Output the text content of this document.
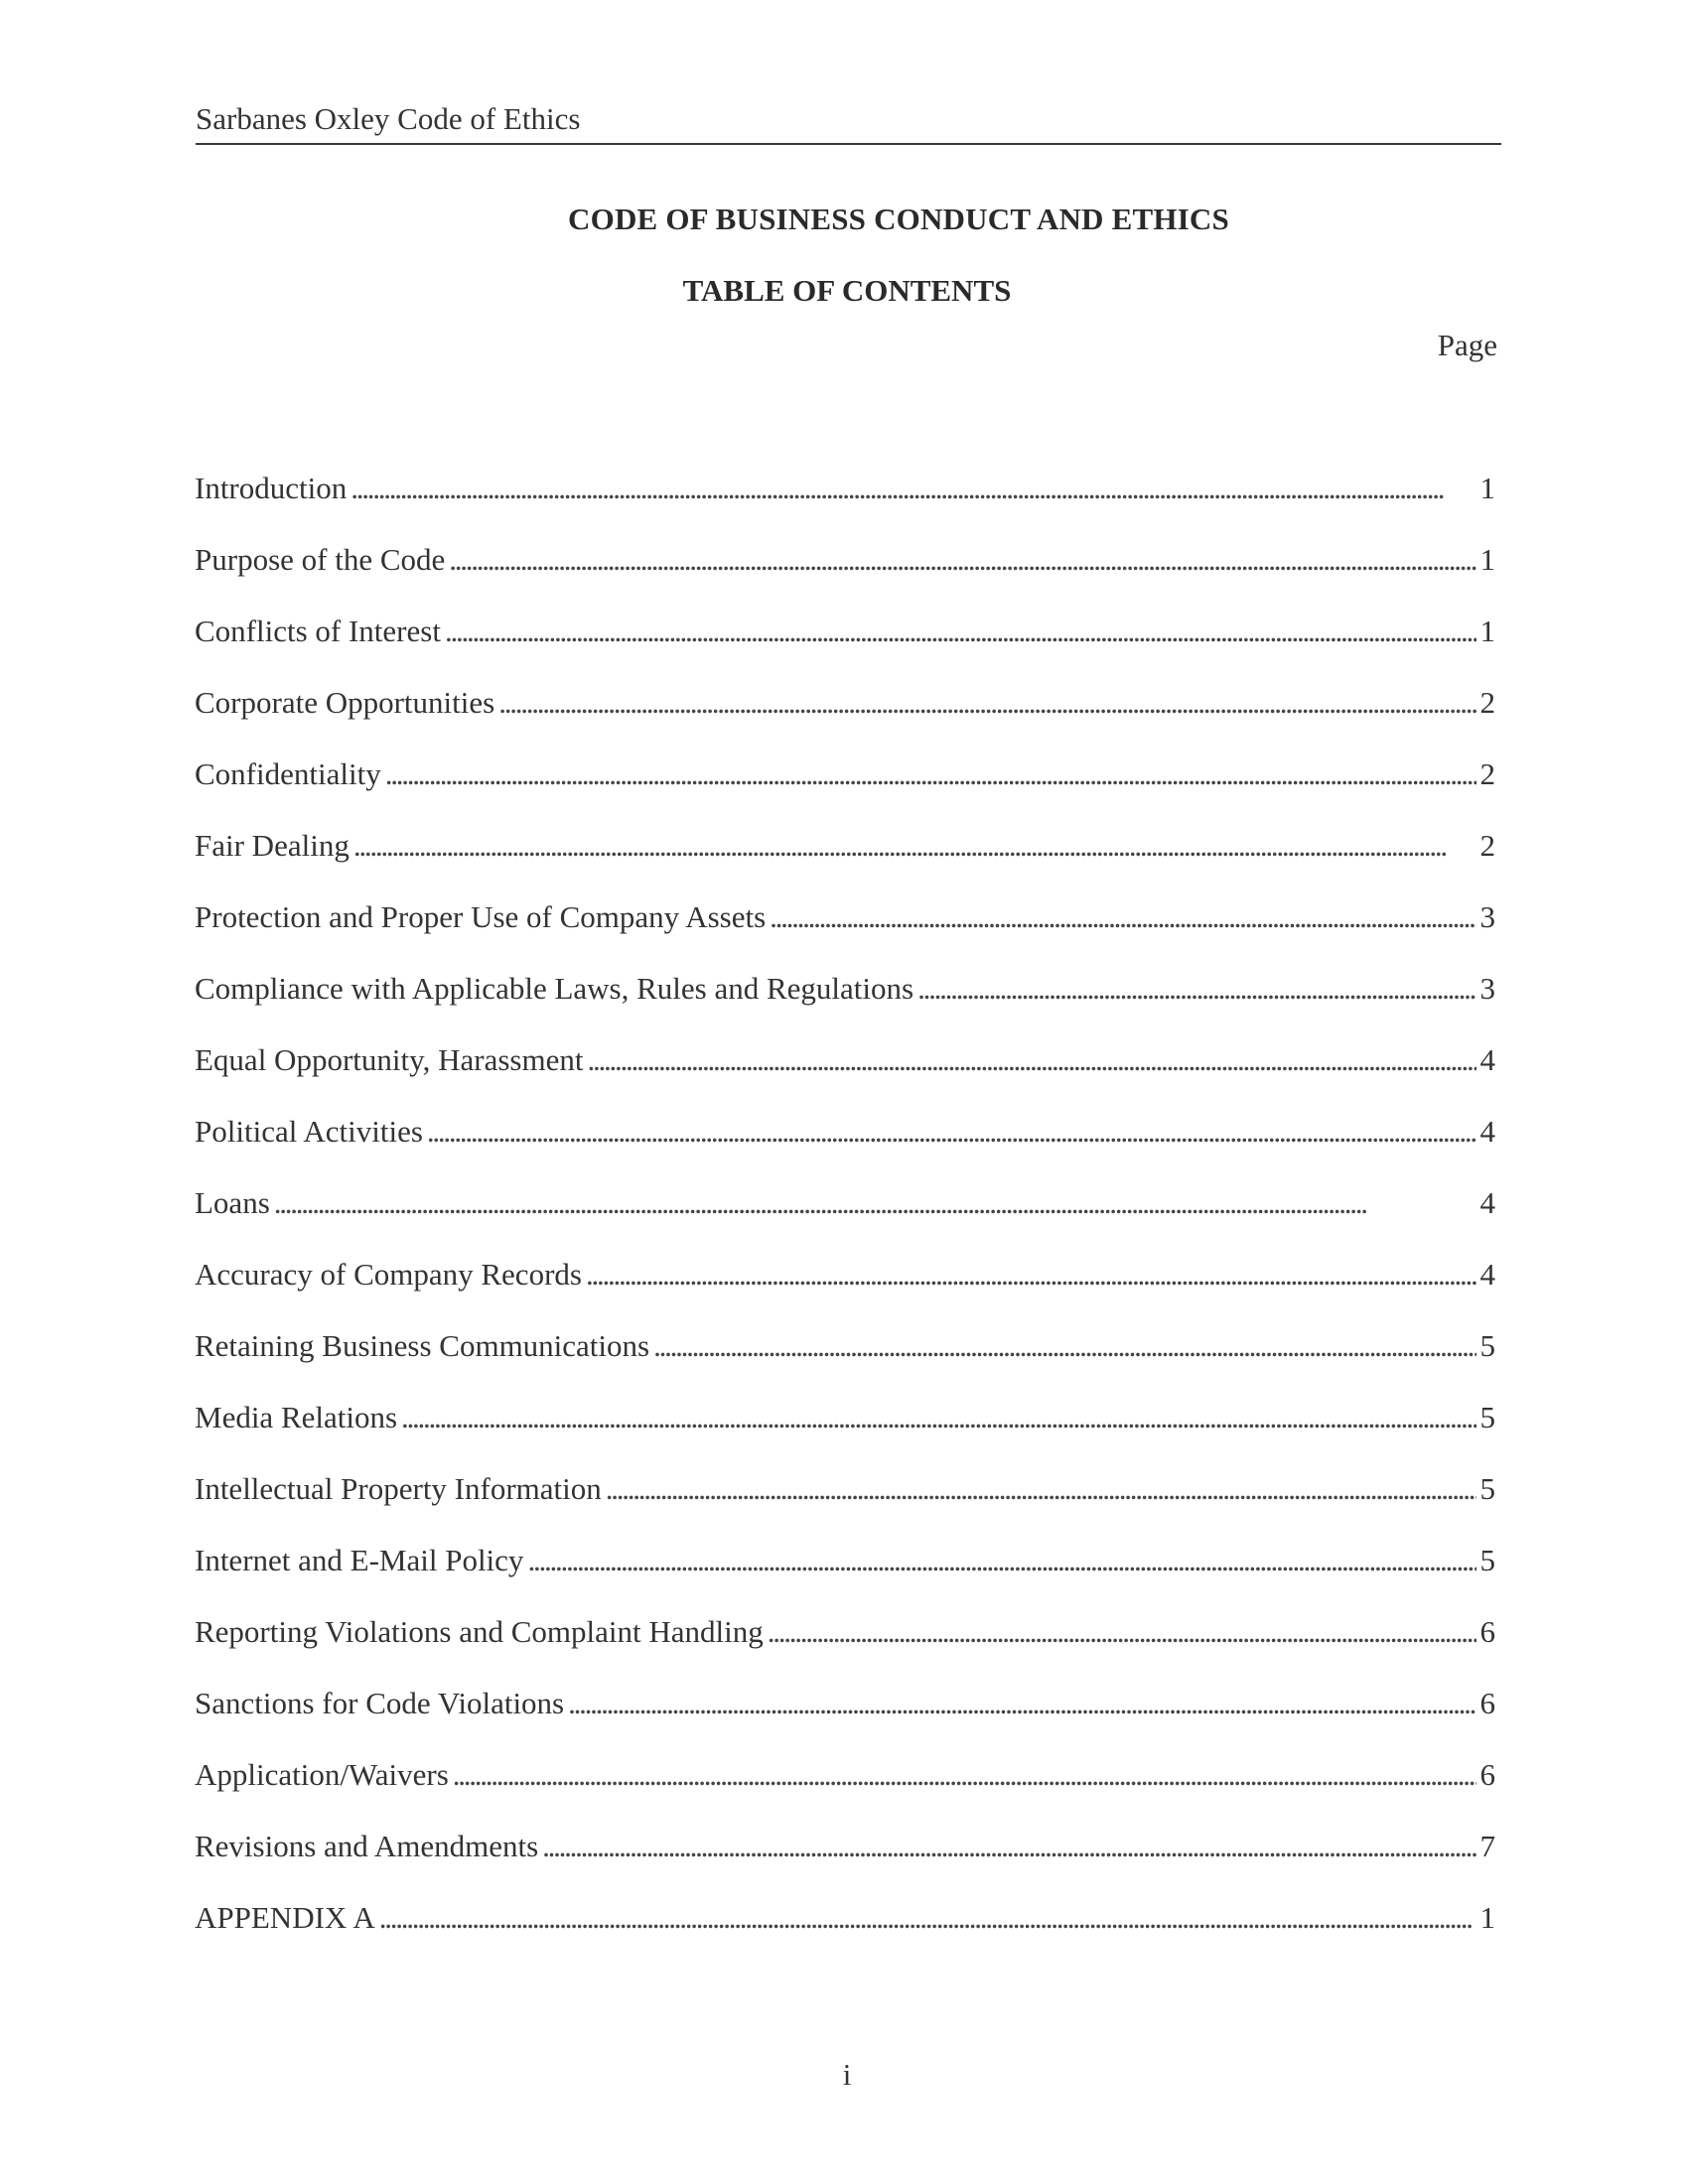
Sarbanes Oxley Code of Ethics
CODE OF BUSINESS CONDUCT AND ETHICS
TABLE OF CONTENTS
Page
Introduction . . .	1
Purpose of the Code . . .	1
Conflicts of Interest . . .	1
Corporate Opportunities . . .	2
Confidentiality . . .	2
Fair Dealing . . .	2
Protection and Proper Use of Company Assets . . .	3
Compliance with Applicable Laws, Rules and Regulations . . .	3
Equal Opportunity, Harassment . . .	4
Political Activities . . .	4
Loans . . .	4
Accuracy of Company Records . . .	4
Retaining Business Communications . . .	5
Media Relations . . .	5
Intellectual Property Information . . .	5
Internet and E-Mail Policy . . .	5
Reporting Violations and Complaint Handling . . .	6
Sanctions for Code Violations . . .	6
Application/Waivers . . .	6
Revisions and Amendments . . .	7
APPENDIX A . . .	1
i
